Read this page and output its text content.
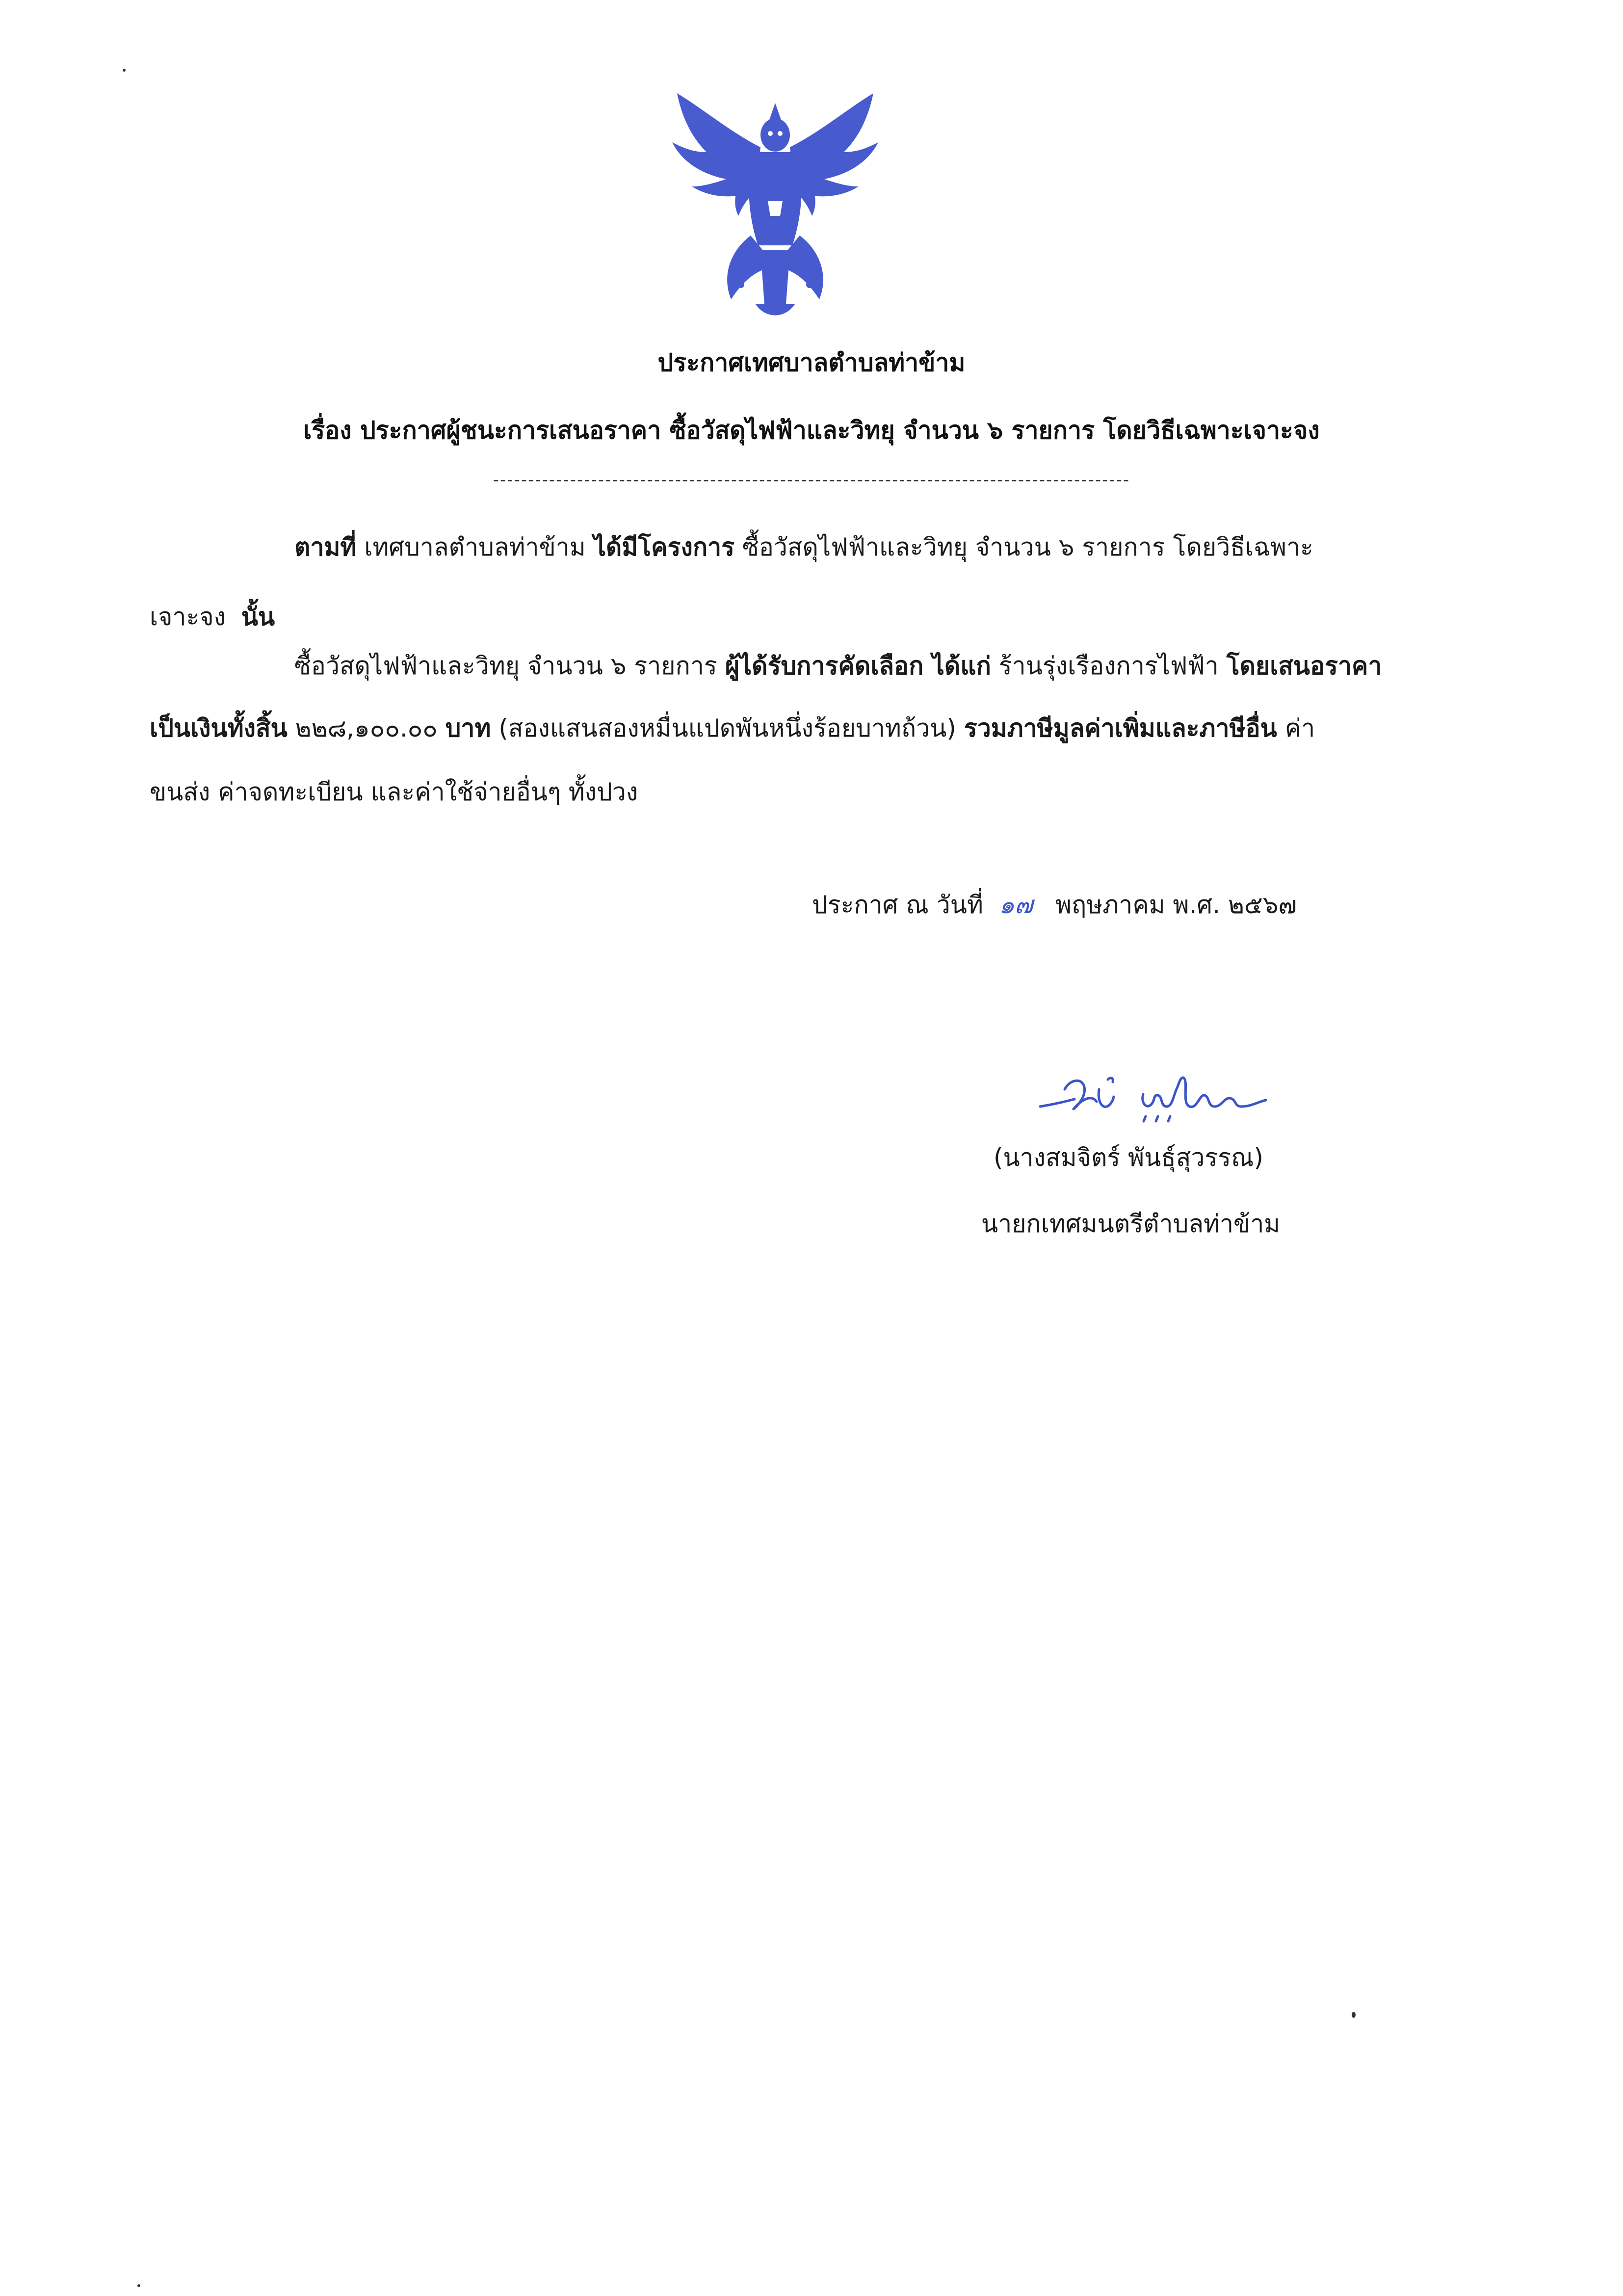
ประกาศเทศบาลตำบลท่าข้าม
เรื่อง ประกาศผู้ชนะการเสนอราคา ซื้อวัสดุไฟฟ้าและวิทยุ จำนวน ๖ รายการ โดยวิธีเฉพาะเจาะจง
-------------------------------------------------------------------------------------------
ตามที่ เทศบาลตำบลท่าข้าม ได้มีโครงการ ซื้อวัสดุไฟฟ้าและวิทยุ จำนวน ๖ รายการ โดยวิธีเฉพาะ
เจาะจง นั้น
ซื้อวัสดุไฟฟ้าและวิทยุ จำนวน ๖ รายการ ผู้ได้รับการคัดเลือก ได้แก่ ร้านรุ่งเรืองการไฟฟ้า โดยเสนอราคา
เป็นเงินทั้งสิ้น ๒๒๘,๑๐๐.๐๐ บาท (สองแสนสองหมื่นแปดพันหนึ่งร้อยบาทถ้วน) รวมภาษีมูลค่าเพิ่มและภาษีอื่น ค่า
ขนส่ง ค่าจดทะเบียน และค่าใช้จ่ายอื่นๆ ทั้งปวง
ประกาศ ณ วันที่ ๑๗ พฤษภาคม พ.ศ. ๒๕๖๗
(นางสมจิตร์ พันธุ์สุวรรณ)
นายกเทศมนตรีตำบลท่าข้าม
